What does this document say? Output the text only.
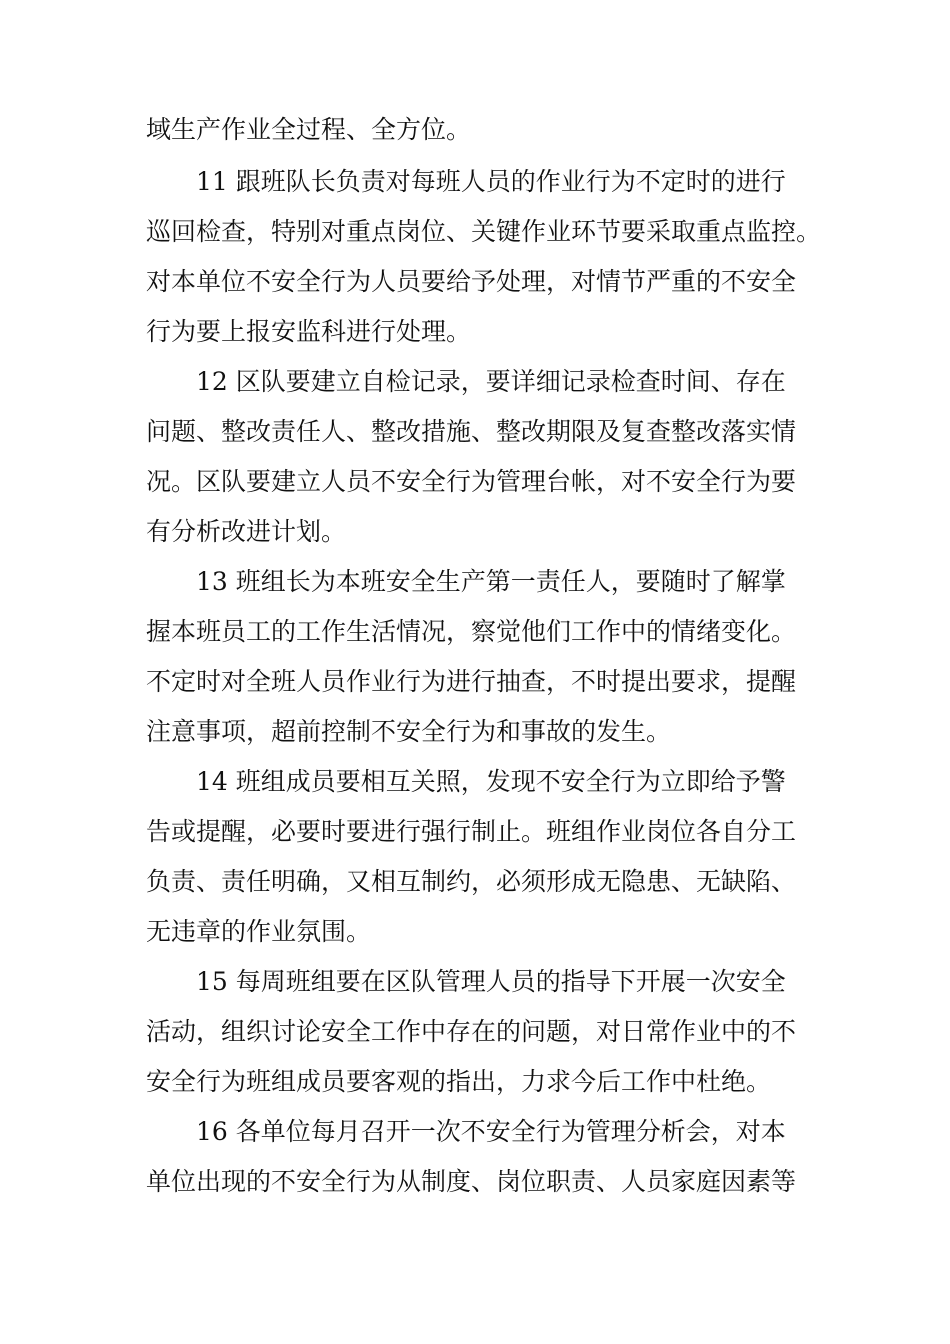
域生产作业全过程、全方位。
11 跟班队长负责对每班人员的作业行为不定时的进行
巡回检查，特别对重点岗位、关键作业环节要采取重点监控。
对本单位不安全行为人员要给予处理，对情节严重的不安全
行为要上报安监科进行处理。
12 区队要建立自检记录，要详细记录检查时间、存在
问题、整改责任人、整改措施、整改期限及复查整改落实情
况。区队要建立人员不安全行为管理台帐，对不安全行为要
有分析改进计划。
13 班组长为本班安全生产第一责任人，要随时了解掌
握本班员工的工作生活情况，察觉他们工作中的情绪变化。
不定时对全班人员作业行为进行抽查，不时提出要求，提醒
注意事项，超前控制不安全行为和事故的发生。
14 班组成员要相互关照，发现不安全行为立即给予警
告或提醒，必要时要进行强行制止。班组作业岗位各自分工
负责、责任明确，又相互制约，必须形成无隐患、无缺陷、
无违章的作业氛围。
15 每周班组要在区队管理人员的指导下开展一次安全
活动，组织讨论安全工作中存在的问题，对日常作业中的不
安全行为班组成员要客观的指出，力求今后工作中杜绝。
16 各单位每月召开一次不安全行为管理分析会，对本
单位出现的不安全行为从制度、岗位职责、人员家庭因素等
